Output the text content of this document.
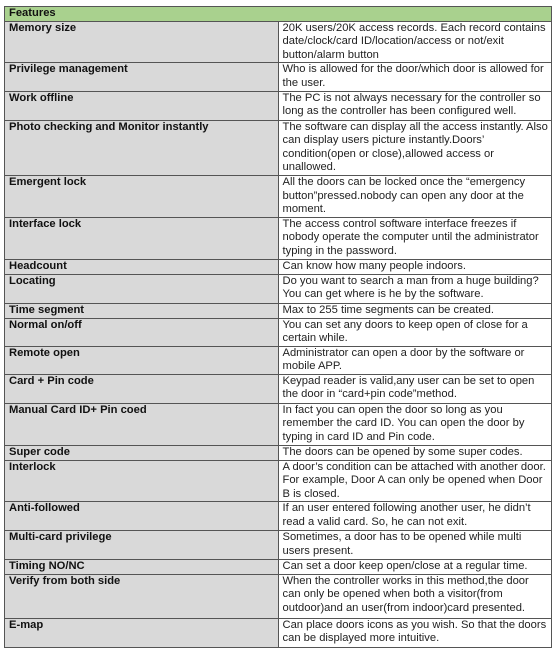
Features	
Memory size	20K users/20K access records. Each record contains date/clock/card ID/location/access or not/exit button/alarm button
Privilege management	Who is allowed for the door/which door is allowed for the user.
Work offline	The PC is not always necessary for the controller so long as the controller has been configured well.
Photo checking and Monitor instantly	The software can display all the access instantly. Also can display users picture instantly.Doors’ condition(open or close),allowed access or unallowed.
Emergent lock	All the doors can be locked once the “emergency button”pressed.nobody can open any door at the moment.
Interface lock	The access control software interface freezes if nobody operate the computer until the administrator typing in the password.
Headcount	Can know how many people indoors.
Locating	Do you want to search a man from a huge building?You can get where is he by the software.
Time segment	Max to 255 time segments can be created.
Normal on/off	You can set any doors to keep open of close for a certain while.
Remote open	Administrator can open a door by the software or mobile APP.
Card + Pin code	Keypad reader is valid,any user can be set to open the door in “card+pin code”method.
Manual Card ID+ Pin coed	In fact you can open the door so long as you remember the card ID. You can open the door by typing in card ID and Pin code.
Super code	The doors can be opened by some super codes.
Interlock	A door’s condition can be attached with another door. For example, Door A can only be opened when Door B is closed.
Anti-followed	If an user entered following another user, he didn’t read a valid card. So, he can not exit.
Multi-card privilege	Sometimes, a door has to be opened while multi users present.
Timing NO/NC	Can set a door keep open/close at a regular time.
Verify from both side	When the controller works in this method,the door can only be opened when both a visitor(from outdoor)and an user(from indoor)card presented.
E-map	Can place doors icons as you wish. So that the doors can be displayed more intuitive.
